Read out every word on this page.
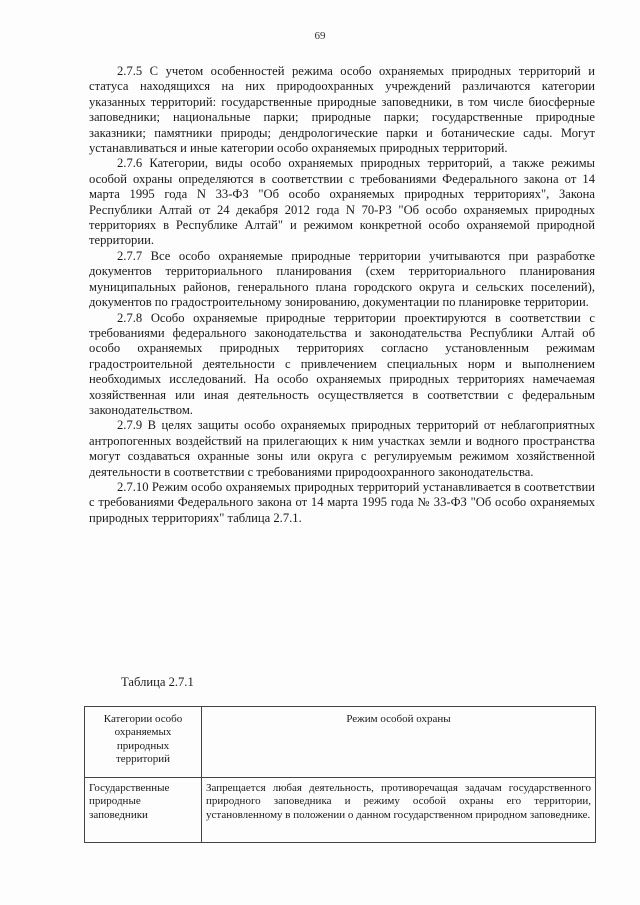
69

2.7.5 С учетом особенностей режима особо охраняемых природных территорий и статуса находящихся на них природоохранных учреждений различаются категории указанных территорий: государственные природные заповедники, в том числе биосферные заповедники; национальные парки; природные парки; государственные природные заказники; памятники природы; дендрологические парки и ботанические сады. Могут устанавливаться и иные категории особо охраняемых природных территорий.

2.7.6 Категории, виды особо охраняемых природных территорий, а также режимы особой охраны определяются в соответствии с требованиями Федерального закона от 14 марта 1995 года N 33-ФЗ "Об особо охраняемых природных территориях", Закона Республики Алтай от 24 декабря 2012 года N 70-РЗ "Об особо охраняемых природных территориях в Республике Алтай" и режимом конкретной особо охраняемой природной территории.

2.7.7 Все особо охраняемые природные территории учитываются при разработке документов территориального планирования (схем территориального планирования муниципальных районов, генерального плана городского округа и сельских поселений), документов по градостроительному зонированию, документации по планировке территории.

2.7.8 Особо охраняемые природные территории проектируются в соответствии с требованиями федерального законодательства и законодательства Республики Алтай об особо охраняемых природных территориях согласно установленным режимам градостроительной деятельности с привлечением специальных норм и выполнением необходимых исследований. На особо охраняемых природных территориях намечаемая хозяйственная или иная деятельность осуществляется в соответствии с федеральным законодательством.

2.7.9 В целях защиты особо охраняемых природных территорий от неблагоприятных антропогенных воздействий на прилегающих к ним участках земли и водного пространства могут создаваться охранные зоны или округа с регулируемым режимом хозяйственной деятельности в соответствии с требованиями природоохранного законодательства.

2.7.10 Режим особо охраняемых природных территорий устанавливается в соответствии с требованиями Федерального закона от 14 марта 1995 года № 33-ФЗ "Об особо охраняемых природных территориях" таблица 2.7.1.

Таблица 2.7.1
Категории особо охраняемых природных территорий	Режим особой охраны
Государственные природные заповедники	Запрещается любая деятельность, противоречащая задачам государственного природного заповедника и режиму особой охраны его территории, установленному в положении о данном государственном природном заповеднике.
